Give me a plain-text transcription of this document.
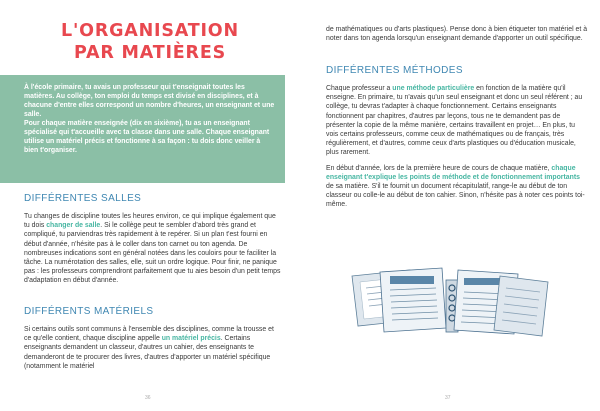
L'ORGANISATION
PAR MATIÈRES

À l'école primaire, tu avais un professeur qui t'enseignait toutes les matières. Au collège, ton emploi du temps est divisé en disciplines, et à chacune d'entre elles correspond un nombre d'heures, un enseignant et une salle.

Pour chaque matière enseignée (dix en sixième), tu as un enseignant spécialisé qui t'accueille avec ta classe dans une salle. Chaque enseignant utilise un matériel précis et fonctionne à sa façon : tu dois donc veiller à bien t'organiser.

DIFFÉRENTES SALLES

Tu changes de discipline toutes les heures environ, ce qui implique également que tu dois changer de salle. Si le collège peut te sembler d'abord très grand et compliqué, tu parviendras très rapidement à te repérer. Si un plan t'est fourni en début d'année, n'hésite pas à le coller dans ton carnet ou ton agenda. De nombreuses indications sont en général notées dans les couloirs pour te faciliter la tâche. La numérotation des salles, elle, suit un ordre logique. Pour finir, ne panique pas : les professeurs comprendront parfaitement que tu aies besoin d'un petit temps d'adaptation en début d'année.

DIFFÉRENTS MATÉRIELS

Si certains outils sont communs à l'ensemble des disciplines, comme la trousse et ce qu'elle contient, chaque discipline appelle un matériel précis. Certains enseignants demandent un classeur, d'autres un cahier, des enseignants te demanderont de te procurer des livres, d'autres d'apporter un matériel spécifique (notamment le matériel

36

de mathématiques ou d'arts plastiques). Pense donc à bien étiqueter ton matériel et à noter dans ton agenda lorsqu'un enseignant demande d'apporter un outil spécifique.

DIFFÉRENTES MÉTHODES

Chaque professeur a une méthode particulière en fonction de la matière qu'il enseigne. En primaire, tu n'avais qu'un seul enseignant et donc un seul référent ; au collège, tu devras t'adapter à chaque fonctionnement. Certains enseignants fonctionnent par chapitres, d'autres par leçons, tous ne te demandent pas de présenter la copie de la même manière, certains travaillent en projet… En plus, tu vois certains professeurs, comme ceux de mathématiques ou de français, très régulièrement, et d'autres, comme ceux d'arts plastiques ou d'éducation musicale, plus rarement.

En début d'année, lors de la première heure de cours de chaque matière, chaque enseignant t'explique les points de méthode et de fonctionnement importants de sa matière. S'il te fournit un document récapitulatif, range-le au début de ton classeur ou colle-le au début de ton cahier. Sinon, n'hésite pas à noter ces points toi-même.

37
